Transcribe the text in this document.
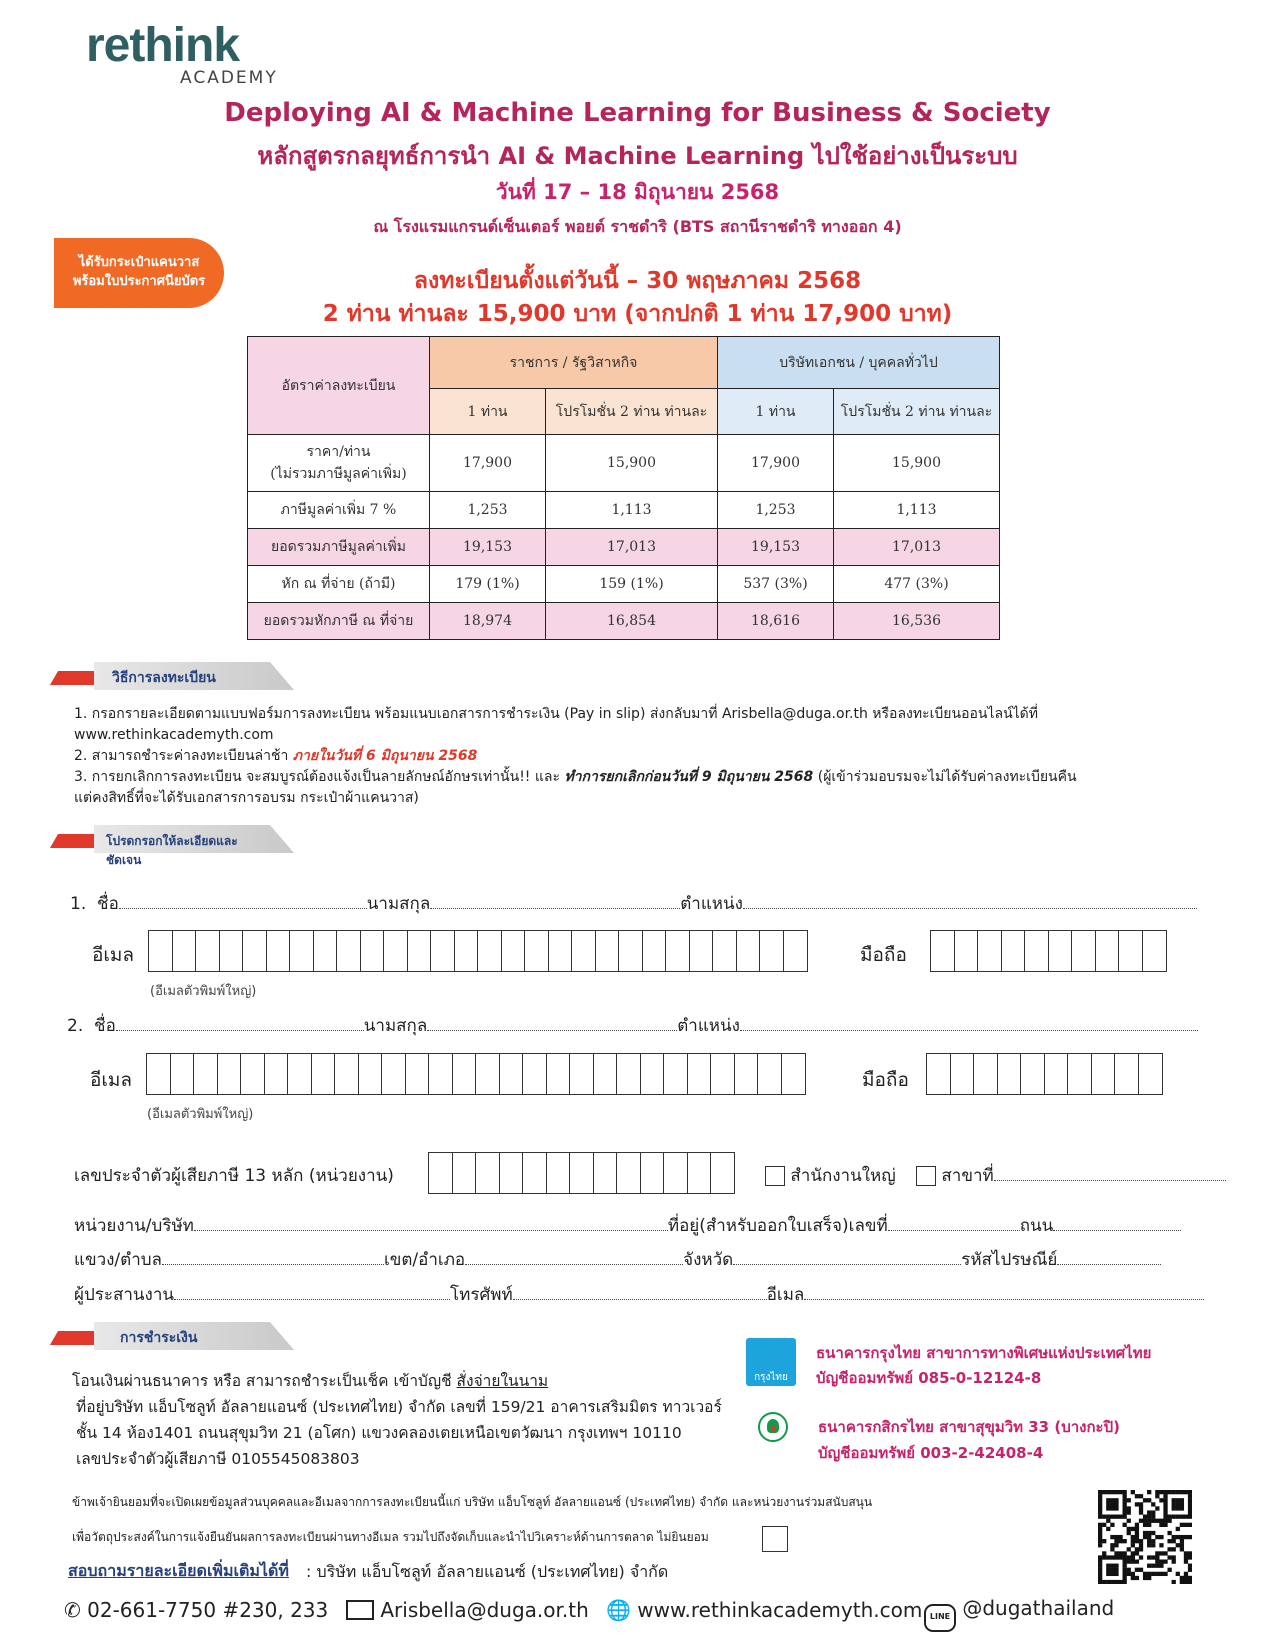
rethink
ACADEMY
Deploying AI & Machine Learning for Business & Society
หลักสูตรกลยุทธ์การนำ AI & Machine Learning ไปใช้อย่างเป็นระบบ
วันที่ 17 – 18 มิถุนายน 2568
ณ โรงแรมแกรนด์เซ็นเตอร์ พอยต์ ราชดำริ (BTS สถานีราชดำริ ทางออก 4)
ลงทะเบียนตั้งแต่วันนี้ – 30 พฤษภาคม 2568
2 ท่าน ท่านละ 15,900 บาท (จากปกติ 1 ท่าน 17,900 บาท)
ได้รับกระเป๋าแคนวาส
พร้อมใบประกาศนียบัตร
อัตราค่าลงทะเบียน	ราชการ / รัฐวิสาหกิจ		บริษัทเอกชน / บุคคลทั่วไป	
	1 ท่าน	โปรโมชั่น 2 ท่าน ท่านละ	1 ท่าน	โปรโมชั่น 2 ท่าน ท่านละ

ราคา/ท่าน
(ไม่รวมภาษีมูลค่าเพิ่ม)	17,900	15,900	17,900	15,900
ภาษีมูลค่าเพิ่ม 7 %	1,253	1,113	1,253	1,113
ยอดรวมภาษีมูลค่าเพิ่ม	19,153	17,013	19,153	17,013
หัก ณ ที่จ่าย (ถ้ามี)	179 (1%)	159 (1%)	537 (3%)	477 (3%)
ยอดรวมหักภาษี ณ ที่จ่าย	18,974	16,854	18,616	16,536
วิธีการลงทะเบียน
1. กรอกรายละเอียดตามแบบฟอร์มการลงทะเบียน พร้อมแนบเอกสารการชำระเงิน (Pay in slip) ส่งกลับมาที่ Arisbella@duga.or.th หรือลงทะเบียนออนไลน์ได้ที่
www.rethinkacademyth.com
2. สามารถชำระค่าลงทะเบียนล่าช้า ภายในวันที่ 6 มิถุนายน 2568
3. การยกเลิกการลงทะเบียน จะสมบูรณ์ต้องแจ้งเป็นลายลักษณ์อักษรเท่านั้น!! และ ทำการยกเลิกก่อนวันที่ 9 มิถุนายน 2568 (ผู้เข้าร่วมอบรมจะไม่ได้รับค่าลงทะเบียนคืน
แต่คงสิทธิ์ที่จะได้รับเอกสารการอบรม กระเป๋าผ้าแคนวาส)
โปรดกรอกให้ละเอียดและชัดเจน
1. ชื่อ	นามสกุล	ตำแหน่ง
อีเมล
(อีเมลตัวพิมพ์ใหญ่)
มือถือ
2. ชื่อ	นามสกุล	ตำแหน่ง
อีเมล
(อีเมลตัวพิมพ์ใหญ่)
มือถือ
เลขประจำตัวผู้เสียภาษี 13 หลัก (หน่วยงาน)	สำนักงานใหญ่	สาขาที่
หน่วยงาน/บริษัท	ที่อยู่(สำหรับออกใบเสร็จ)เลขที่	ถนน
แขวง/ตำบล	เขต/อำเภอ	จังหวัด	รหัสไปรษณีย์
ผู้ประสานงาน	โทรศัพท์	อีเมล
การชำระเงิน
โอนเงินผ่านธนาคาร หรือ สามารถชำระเป็นเช็ค เข้าบัญชี สั่งจ่ายในนาม
ที่อยู่บริษัท แอ็บโซลูท์ อัลลายแอนซ์ (ประเทศไทย) จำกัด เลขที่ 159/21 อาคารเสริมมิตร ทาวเวอร์
ชั้น 14 ห้อง1401 ถนนสุขุมวิท 21 (อโศก) แขวงคลองเตยเหนือเขตวัฒนา กรุงเทพฯ 10110
เลขประจำตัวผู้เสียภาษี 0105545083803
กรุงไทย
ธนาคารกรุงไทย สาขาการทางพิเศษแห่งประเทศไทย
บัญชีออมทรัพย์ 085-0-12124-8
ธนาคารกสิกรไทย สาขาสุขุมวิท 33 (บางกะปิ)
บัญชีออมทรัพย์ 003-2-42408-4
ข้าพเจ้ายินยอมที่จะเปิดเผยข้อมูลส่วนบุคคลและอีเมลจากการลงทะเบียนนี้แก่ บริษัท แอ็บโซลูท์ อัลลายแอนซ์ (ประเทศไทย) จำกัด และหน่วยงานร่วมสนับสนุน
เพื่อวัตถุประสงค์ในการแจ้งยืนยันผลการลงทะเบียนผ่านทางอีเมล รวมไปถึงจัดเก็บและนำไปวิเคราะห์ด้านการตลาด ไม่ยินยอม
สอบถามรายละเอียดเพิ่มเติมได้ที่ : บริษัท แอ็บโซลูท์ อัลลายแอนซ์ (ประเทศไทย) จำกัด
✆ 02-661-7750 #230, 233	Arisbella@duga.or.th 🌐 www.rethinkacademyth.com LINE @dugathailand
